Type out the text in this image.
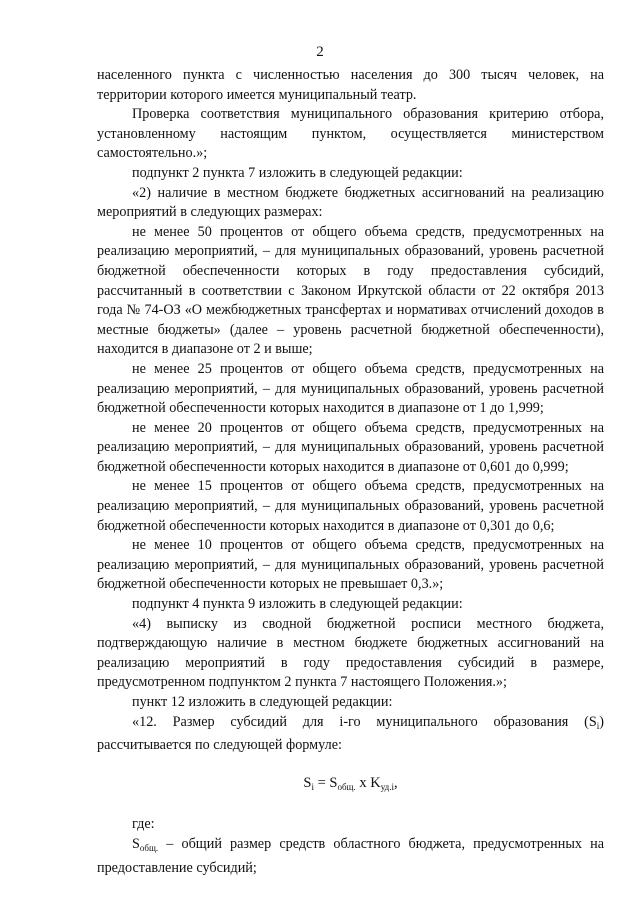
2

населенного пункта с численностью населения до 300 тысяч человек, на территории которого имеется муниципальный театр.

Проверка соответствия муниципального образования критерию отбора, установленному настоящим пунктом, осуществляется министерством самостоятельно.»;

подпункт 2 пункта 7 изложить в следующей редакции:

«2) наличие в местном бюджете бюджетных ассигнований на реализацию мероприятий в следующих размерах:

не менее 50 процентов от общего объема средств, предусмотренных на реализацию мероприятий, – для муниципальных образований, уровень расчетной бюджетной обеспеченности которых в году предоставления субсидий, рассчитанный в соответствии с Законом Иркутской области от 22 октября 2013 года № 74-ОЗ «О межбюджетных трансфертах и нормативах отчислений доходов в местные бюджеты» (далее – уровень расчетной бюджетной обеспеченности), находится в диапазоне от 2 и выше;

не менее 25 процентов от общего объема средств, предусмотренных на реализацию мероприятий, – для муниципальных образований, уровень расчетной бюджетной обеспеченности которых находится в диапазоне от 1 до 1,999;

не менее 20 процентов от общего объема средств, предусмотренных на реализацию мероприятий, – для муниципальных образований, уровень расчетной бюджетной обеспеченности которых находится в диапазоне от 0,601 до 0,999;

не менее 15 процентов от общего объема средств, предусмотренных на реализацию мероприятий, – для муниципальных образований, уровень расчетной бюджетной обеспеченности которых находится в диапазоне от 0,301 до 0,6;

не менее 10 процентов от общего объема средств, предусмотренных на реализацию мероприятий, – для муниципальных образований, уровень расчетной бюджетной обеспеченности которых не превышает 0,3.»;

подпункт 4 пункта 9 изложить в следующей редакции:

«4) выписку из сводной бюджетной росписи местного бюджета, подтверждающую наличие в местном бюджете бюджетных ассигнований на реализацию мероприятий в году предоставления субсидий в размере, предусмотренном подпунктом 2 пункта 7 настоящего Положения.»;

пункт 12 изложить в следующей редакции:

«12. Размер субсидий для i-го муниципального образования $(S_i)$ рассчитывается по следующей формуле:

$S_i = S_{общ.}$ x $K_{уд.i}$,

где:

$S_{общ.}$ – общий размер средств областного бюджета, предусмотренных на предоставление субсидий;
